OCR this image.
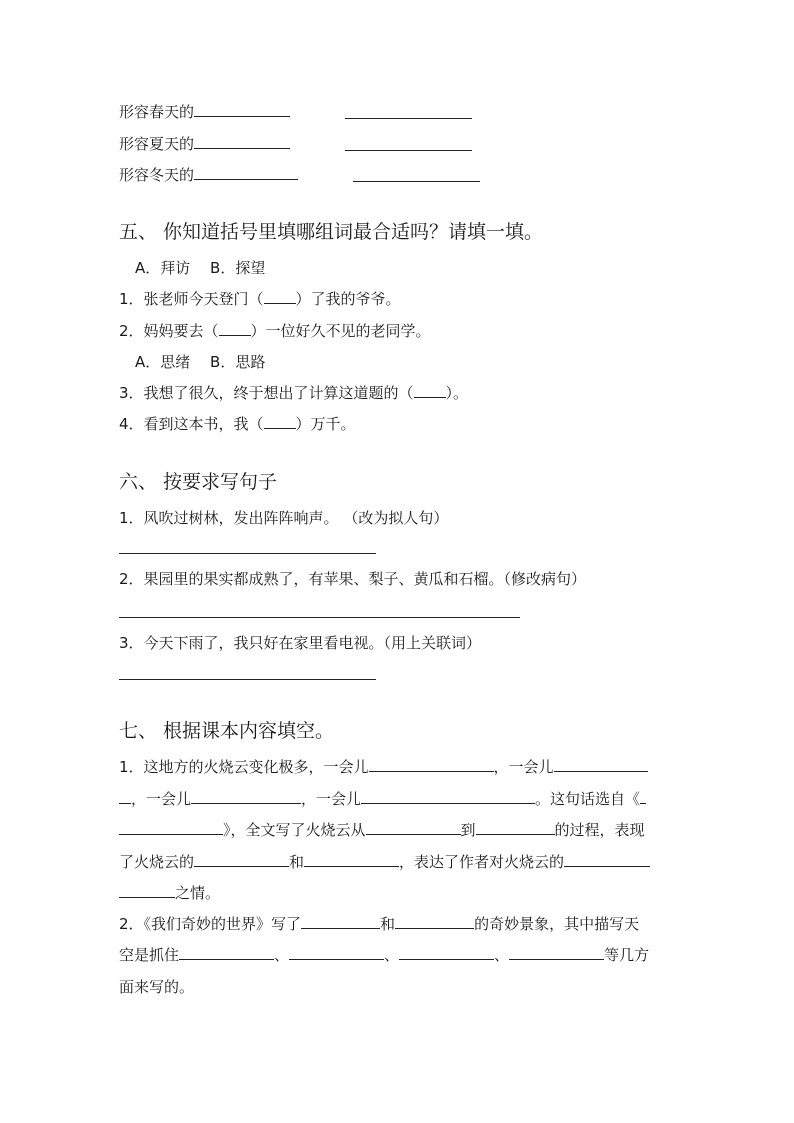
形容春天的
形容夏天的
形容冬天的
五、 你知道括号里填哪组词最合适吗？请填一填。
A．拜访　 B．探望
1．张老师今天登门（ ）了我的爷爷。
2．妈妈要去（ ）一位好久不见的老同学。
A．思绪　 B．思路
3．我想了很久，终于想出了计算这道题的（ ）。
4．看到这本书，我（ ）万千。
六、 按要求写句子
1．风吹过树林，发出阵阵响声。 （改为拟人句）
2．果园里的果实都成熟了，有苹果、梨子、黄瓜和石榴。（修改病句）
3．今天下雨了，我只好在家里看电视。（用上关联词）
七、 根据课本内容填空。
1．这地方的火烧云变化极多，一会儿	，一会儿
，一会儿	，一会儿	。这句话选自《
》，全文写了火烧云从	到	的过程，表现
了火烧云的	和	，表达了作者对火烧云的
之情。
2．《我们奇妙的世界》写了	和	的奇妙景象，其中描写天
空是抓住	、	、	、	等几方
面来写的。
